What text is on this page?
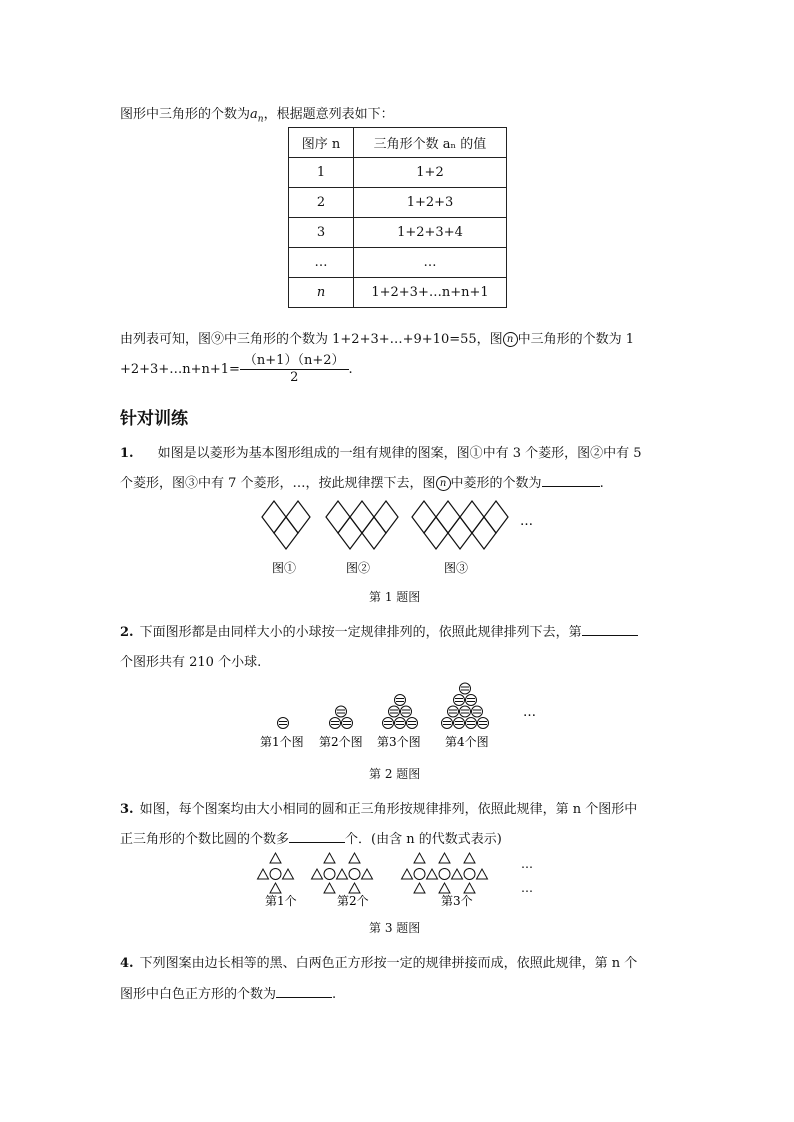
图形中三角形的个数为$a_n$，根据题意列表如下：
图序 n	三角形个数 aₙ 的值
1	1+2
2	1+2+3
3	1+2+3+4
…	…
n	1+2+3+…n+n+1
由列表可知，图⑨中三角形的个数为 1+2+3+…+9+10=55，图 n 中三角形的个数为 1
+2+3+…n+n+1= $\frac{(n+1)(n+2)}{2}$ .
针对训练
1. 如图是以菱形为基本图形组成的一组有规律的图案，图①中有 3 个菱形，图②中有 5
个菱形，图③中有 7 个菱形，…，按此规律摆下去，图 n 中菱形的个数为	.
…
图①	图②	图③
第 1 题图
2. 下面图形都是由同样大小的小球按一定规律排列的，依照此规律排列下去，第
个图形共有 210 个小球.
…
第1个图 第2个图 第3个图 第4个图
第 2 题图
3. 如图，每个图案均由大小相同的圆和正三角形按规律排列，依照此规律，第 n 个图形中
正三角形的个数比圆的个数多	个．(由含 n 的代数式表示)
…
…
第1个	第2个	第3个
第 3 题图
4. 下列图案由边长相等的黑、白两色正方形按一定的规律拼接而成，依照此规律，第 n 个
图形中白色正方形的个数为	.
